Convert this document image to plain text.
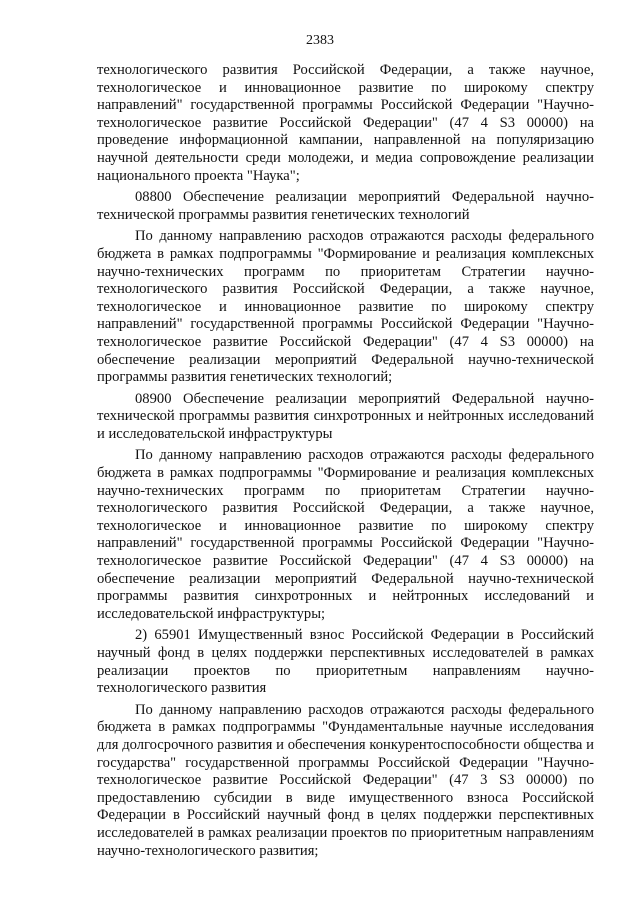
2383

технологического развития Российской Федерации, а также научное, технологическое и инновационное развитие по широкому спектру направлений" государственной программы Российской Федерации "Научно-технологическое развитие Российской Федерации" (47 4 S3 00000) на проведение информационной кампании, направленной на популяризацию научной деятельности среди молодежи, и медиа сопровождение реализации национального проекта "Наука";

08800 Обеспечение реализации мероприятий Федеральной научно-технической программы развития генетических технологий

По данному направлению расходов отражаются расходы федерального бюджета в рамках подпрограммы "Формирование и реализация комплексных научно-технических программ по приоритетам Стратегии научно-технологического развития Российской Федерации, а также научное, технологическое и инновационное развитие по широкому спектру направлений" государственной программы Российской Федерации "Научно-технологическое развитие Российской Федерации" (47 4 S3 00000) на обеспечение реализации мероприятий Федеральной научно-технической программы развития генетических технологий;

08900 Обеспечение реализации мероприятий Федеральной научно-технической программы развития синхротронных и нейтронных исследований и исследовательской инфраструктуры

По данному направлению расходов отражаются расходы федерального бюджета в рамках подпрограммы "Формирование и реализация комплексных научно-технических программ по приоритетам Стратегии научно-технологического развития Российской Федерации, а также научное, технологическое и инновационное развитие по широкому спектру направлений" государственной программы Российской Федерации "Научно-технологическое развитие Российской Федерации" (47 4 S3 00000) на обеспечение реализации мероприятий Федеральной научно-технической программы развития синхротронных и нейтронных исследований и исследовательской инфраструктуры;

2) 65901 Имущественный взнос Российской Федерации в Российский научный фонд в целях поддержки перспективных исследователей в рамках реализации проектов по приоритетным направлениям научно-технологического развития

По данному направлению расходов отражаются расходы федерального бюджета в рамках подпрограммы "Фундаментальные научные исследования для долгосрочного развития и обеспечения конкурентоспособности общества и государства" государственной программы Российской Федерации "Научно-технологическое развитие Российской Федерации" (47 3 S3 00000) по предоставлению субсидии в виде имущественного взноса Российской Федерации в Российский научный фонд в целях поддержки перспективных исследователей в рамках реализации проектов по приоритетным направлениям научно-технологического развития;
